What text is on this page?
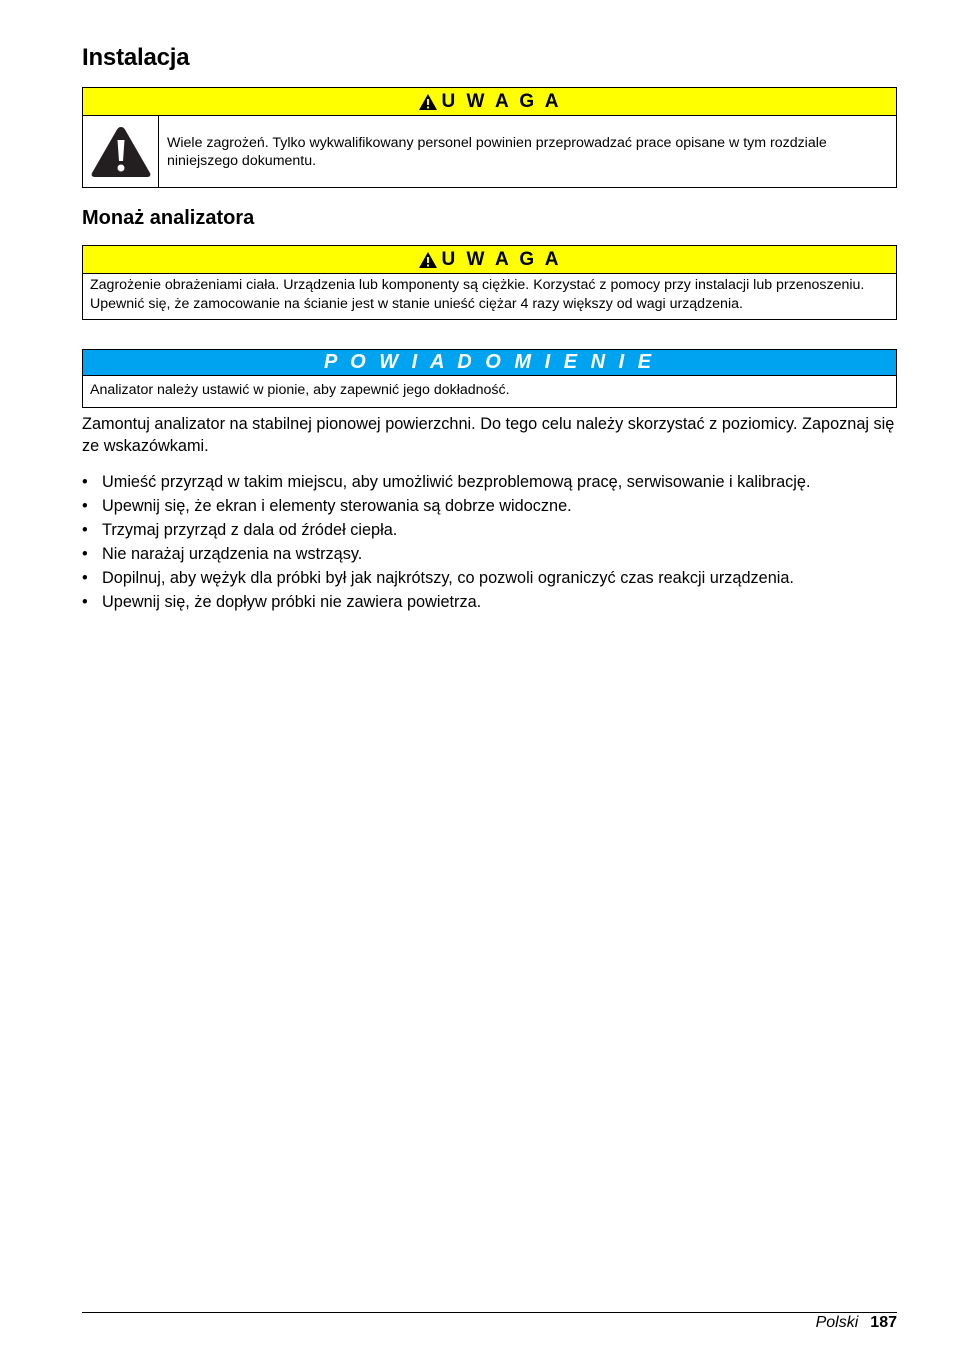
Instalacja
U W A G A
Wiele zagrożeń. Tylko wykwalifikowany personel powinien przeprowadzać prace opisane w tym rozdziale niniejszego dokumentu.
Monaż analizatora
U W A G A
Zagrożenie obrażeniami ciała. Urządzenia lub komponenty są ciężkie. Korzystać z pomocy przy instalacji lub przenoszeniu. Upewnić się, że zamocowanie na ścianie jest w stanie unieść ciężar 4 razy większy od wagi urządzenia.
P O W I A D O M I E N I E
Analizator należy ustawić w pionie, aby zapewnić jego dokładność.

Zamontuj analizator na stabilnej pionowej powierzchni. Do tego celu należy skorzystać z poziomicy. Zapoznaj się ze wskazówkami.

• Umieść przyrząd w takim miejscu, aby umożliwić bezproblemową pracę, serwisowanie i kalibrację.
• Upewnij się, że ekran i elementy sterowania są dobrze widoczne.
• Trzymaj przyrząd z dala od źródeł ciepła.
• Nie narażaj urządzenia na wstrząsy.
• Dopilnuj, aby wężyk dla próbki był jak najkrótszy, co pozwoli ograniczyć czas reakcji urządzenia.
• Upewnij się, że dopływ próbki nie zawiera powietrza.
Polski 187
